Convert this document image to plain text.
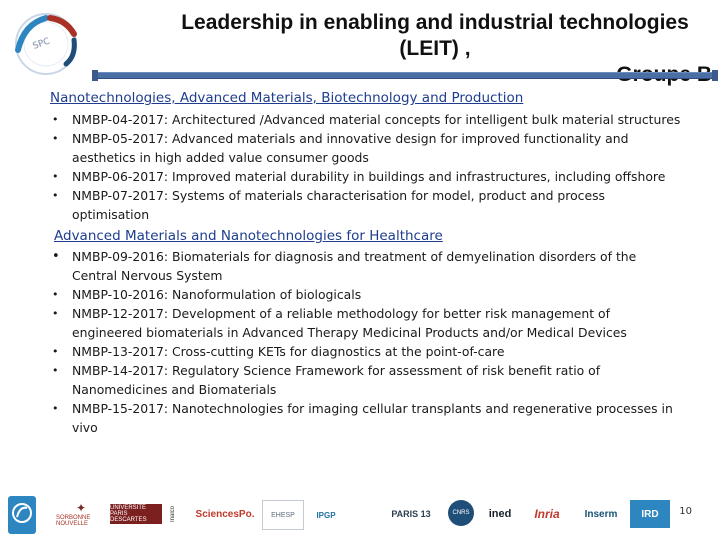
SPC
Leadership in enabling and industrial technologies (LEIT) ,
Nanotechnologies, Advanced Materials, Biotechnology and Production
• NMBP-04-2017: Architectured /Advanced material concepts for intelligent bulk material structures
• NMBP-05-2017: Advanced materials and innovative design for improved functionality and
aesthetics in high added value consumer goods
• NMBP-06-2017: Improved material durability in buildings and infrastructures, including offshore
• NMBP-07-2017: Systems of materials characterisation for model, product and process
optimisation
Advanced Materials and Nanotechnologies for Healthcare
• NMBP-09-2016: Biomaterials for diagnosis and treatment of demyelination disorders of the
Central Nervous System
• NMBP-10-2016: Nanoformulation of biologicals
• NMBP-12-2017: Development of a reliable methodology for better risk management of
engineered biomaterials in Advanced Therapy Medicinal Products and/or Medical Devices
• NMBP-13-2017: Cross-cutting KETs for diagnostics at the point-of-care
• NMBP-14-2017: Regulatory Science Framework for assessment of risk benefit ratio of
Nanomedicines and Biomaterials
• NMBP-15-2017: Nanotechnologies for imaging cellular transplants and regenerative processes in
vivo
✦
SORBONNE NOUVELLE
UNIVERSITÉ PARIS DESCARTES	Inalco SciencesPo. EHESP	IPGP	PARIS 13	CNRS ined Inria Inserm IRD 10
